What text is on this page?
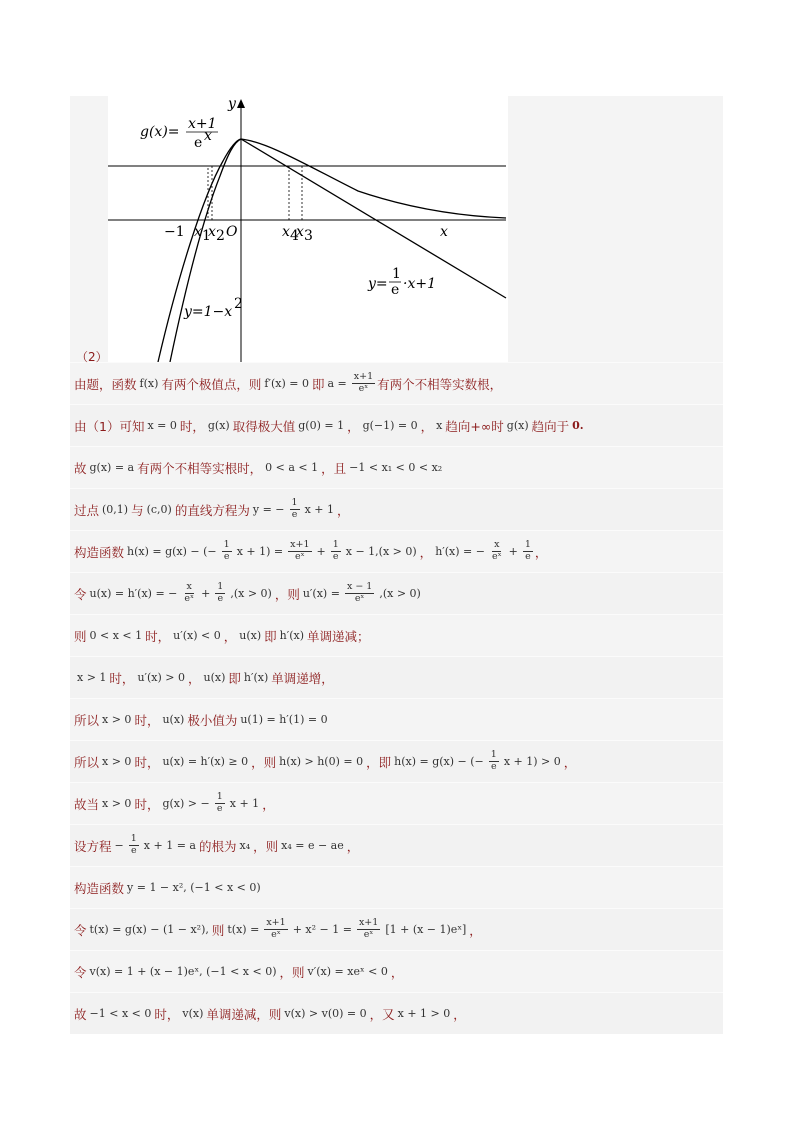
g(x)= x+1
e x
y
x
−1 x 1
x 2 O	x 4
x 3
y=
1
e ·x+1
y=1−x 2
（2）
由题，函数 f(x) 有两个极值点，则 f′(x) = 0 即 $a = \frac{x+1}{\text{eˣ}}$ 有两个不相等实数根，
由（1）可知 x = 0 时， g(x) 取得极大值 g(0) = 1 ， g(−1) = 0 ， x 趋向+∞时 g(x) 趋向于 0.
故 g(x) = a 有两个不相等实根时， 0 < a < 1 ，且 −1 < x₁ < 0 < x₂
过点 (0,1) 与 (c,0) 的直线方程为 y = − $\frac{1}{e}$ x + 1 ，
构造函数 h(x) = g(x) − (− $\frac{1}{e}$ $x + 1) = \frac{x+1}{\text{eˣ}} + \frac{1}{e}$ x − 1,(x > 0) ， h′(x) = − $\frac{x}{\text{eˣ}} + \frac{1}{e}$ ，
令 u(x) = h′(x) = − $\frac{x}{\text{eˣ}} + \frac{1}{e} ,(x > 0)$ ，则 $u'(x) = \frac{x - 1}{\text{eˣ}} ,(x > 0)$
则 0 < x < 1 时， u′(x) < 0 ， u(x) 即 h′(x) 单调递减；
x > 1 时， u′(x) > 0 ， u(x) 即 h′(x) 单调递增，
所以 x > 0 时， u(x) 极小值为 u(1) = h′(1) = 0
所以 x > 0 时， u(x) = h′(x) ≥ 0 ，则 h(x) > h(0) = 0 ，即 h(x) = g(x) − (− $\frac{1}{e}$ x + 1) > 0 ，
故当 x > 0 时， g(x) > − $\frac{1}{e}$ x + 1 ，
设方程 − $\frac{1}{e}$ x + 1 = a 的根为 x₄ ，则 x₄ = e − ae ，
构造函数 y = 1 − x², (−1 < x < 0)
令 t(x) = g(x) − (1 − x²), 则 $t(x) = \frac{x+1}{\text{eˣ}} + x^2 - 1 = \frac{x+1}{\text{eˣ}} [1 + (x$ − 1)eˣ] ，
令 v(x) = 1 + (x − 1)eˣ, (−1 < x < 0) ，则 v′(x) = xeˣ < 0 ，
故 −1 < x < 0 时， v(x) 单调递减，则 v(x) > v(0) = 0 ，又 x + 1 > 0 ，
